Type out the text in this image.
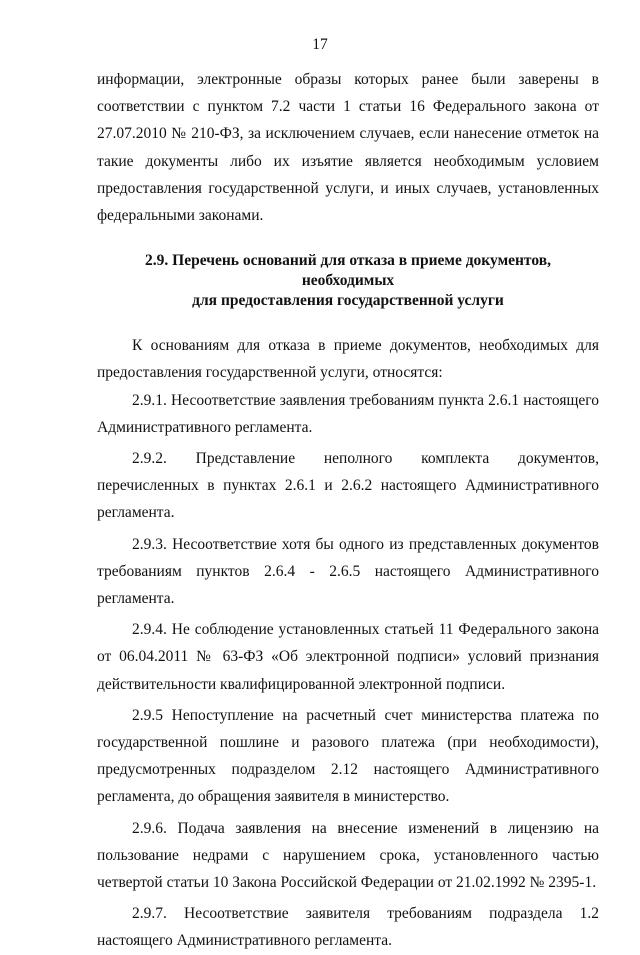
17

информации, электронные образы которых ранее были заверены в соответствии с пунктом 7.2 части 1 статьи 16 Федерального закона от 27.07.2010 № 210-ФЗ, за исключением случаев, если нанесение отметок на такие документы либо их изъятие является необходимым условием предоставления государственной услуги, и иных случаев, установленных федеральными законами.

2.9. Перечень оснований для отказа в приеме документов, необходимых
для предоставления государственной услуги

К основаниям для отказа в приеме документов, необходимых для предоставления государственной услуги, относятся:

2.9.1. Несоответствие заявления требованиям пункта 2.6.1 настоящего Административного регламента.

2.9.2. Представление неполного комплекта документов, перечисленных в пунктах 2.6.1 и 2.6.2 настоящего Административного регламента.

2.9.3. Несоответствие хотя бы одного из представленных документов требованиям пунктов 2.6.4 - 2.6.5 настоящего Административного регламента.

2.9.4. Не соблюдение установленных статьей 11 Федерального закона от 06.04.2011 № 63-ФЗ «Об электронной подписи» условий признания действительности квалифицированной электронной подписи.

2.9.5 Непоступление на расчетный счет министерства платежа по государственной пошлине и разового платежа (при необходимости), предусмотренных подразделом 2.12 настоящего Административного регламента, до обращения заявителя в министерство.

2.9.6. Подача заявления на внесение изменений в лицензию на пользование недрами с нарушением срока, установленного частью четвертой статьи 10 Закона Российской Федерации от 21.02.1992 № 2395-1.

2.9.7. Несоответствие заявителя требованиям подраздела 1.2 настоящего Административного регламента.
